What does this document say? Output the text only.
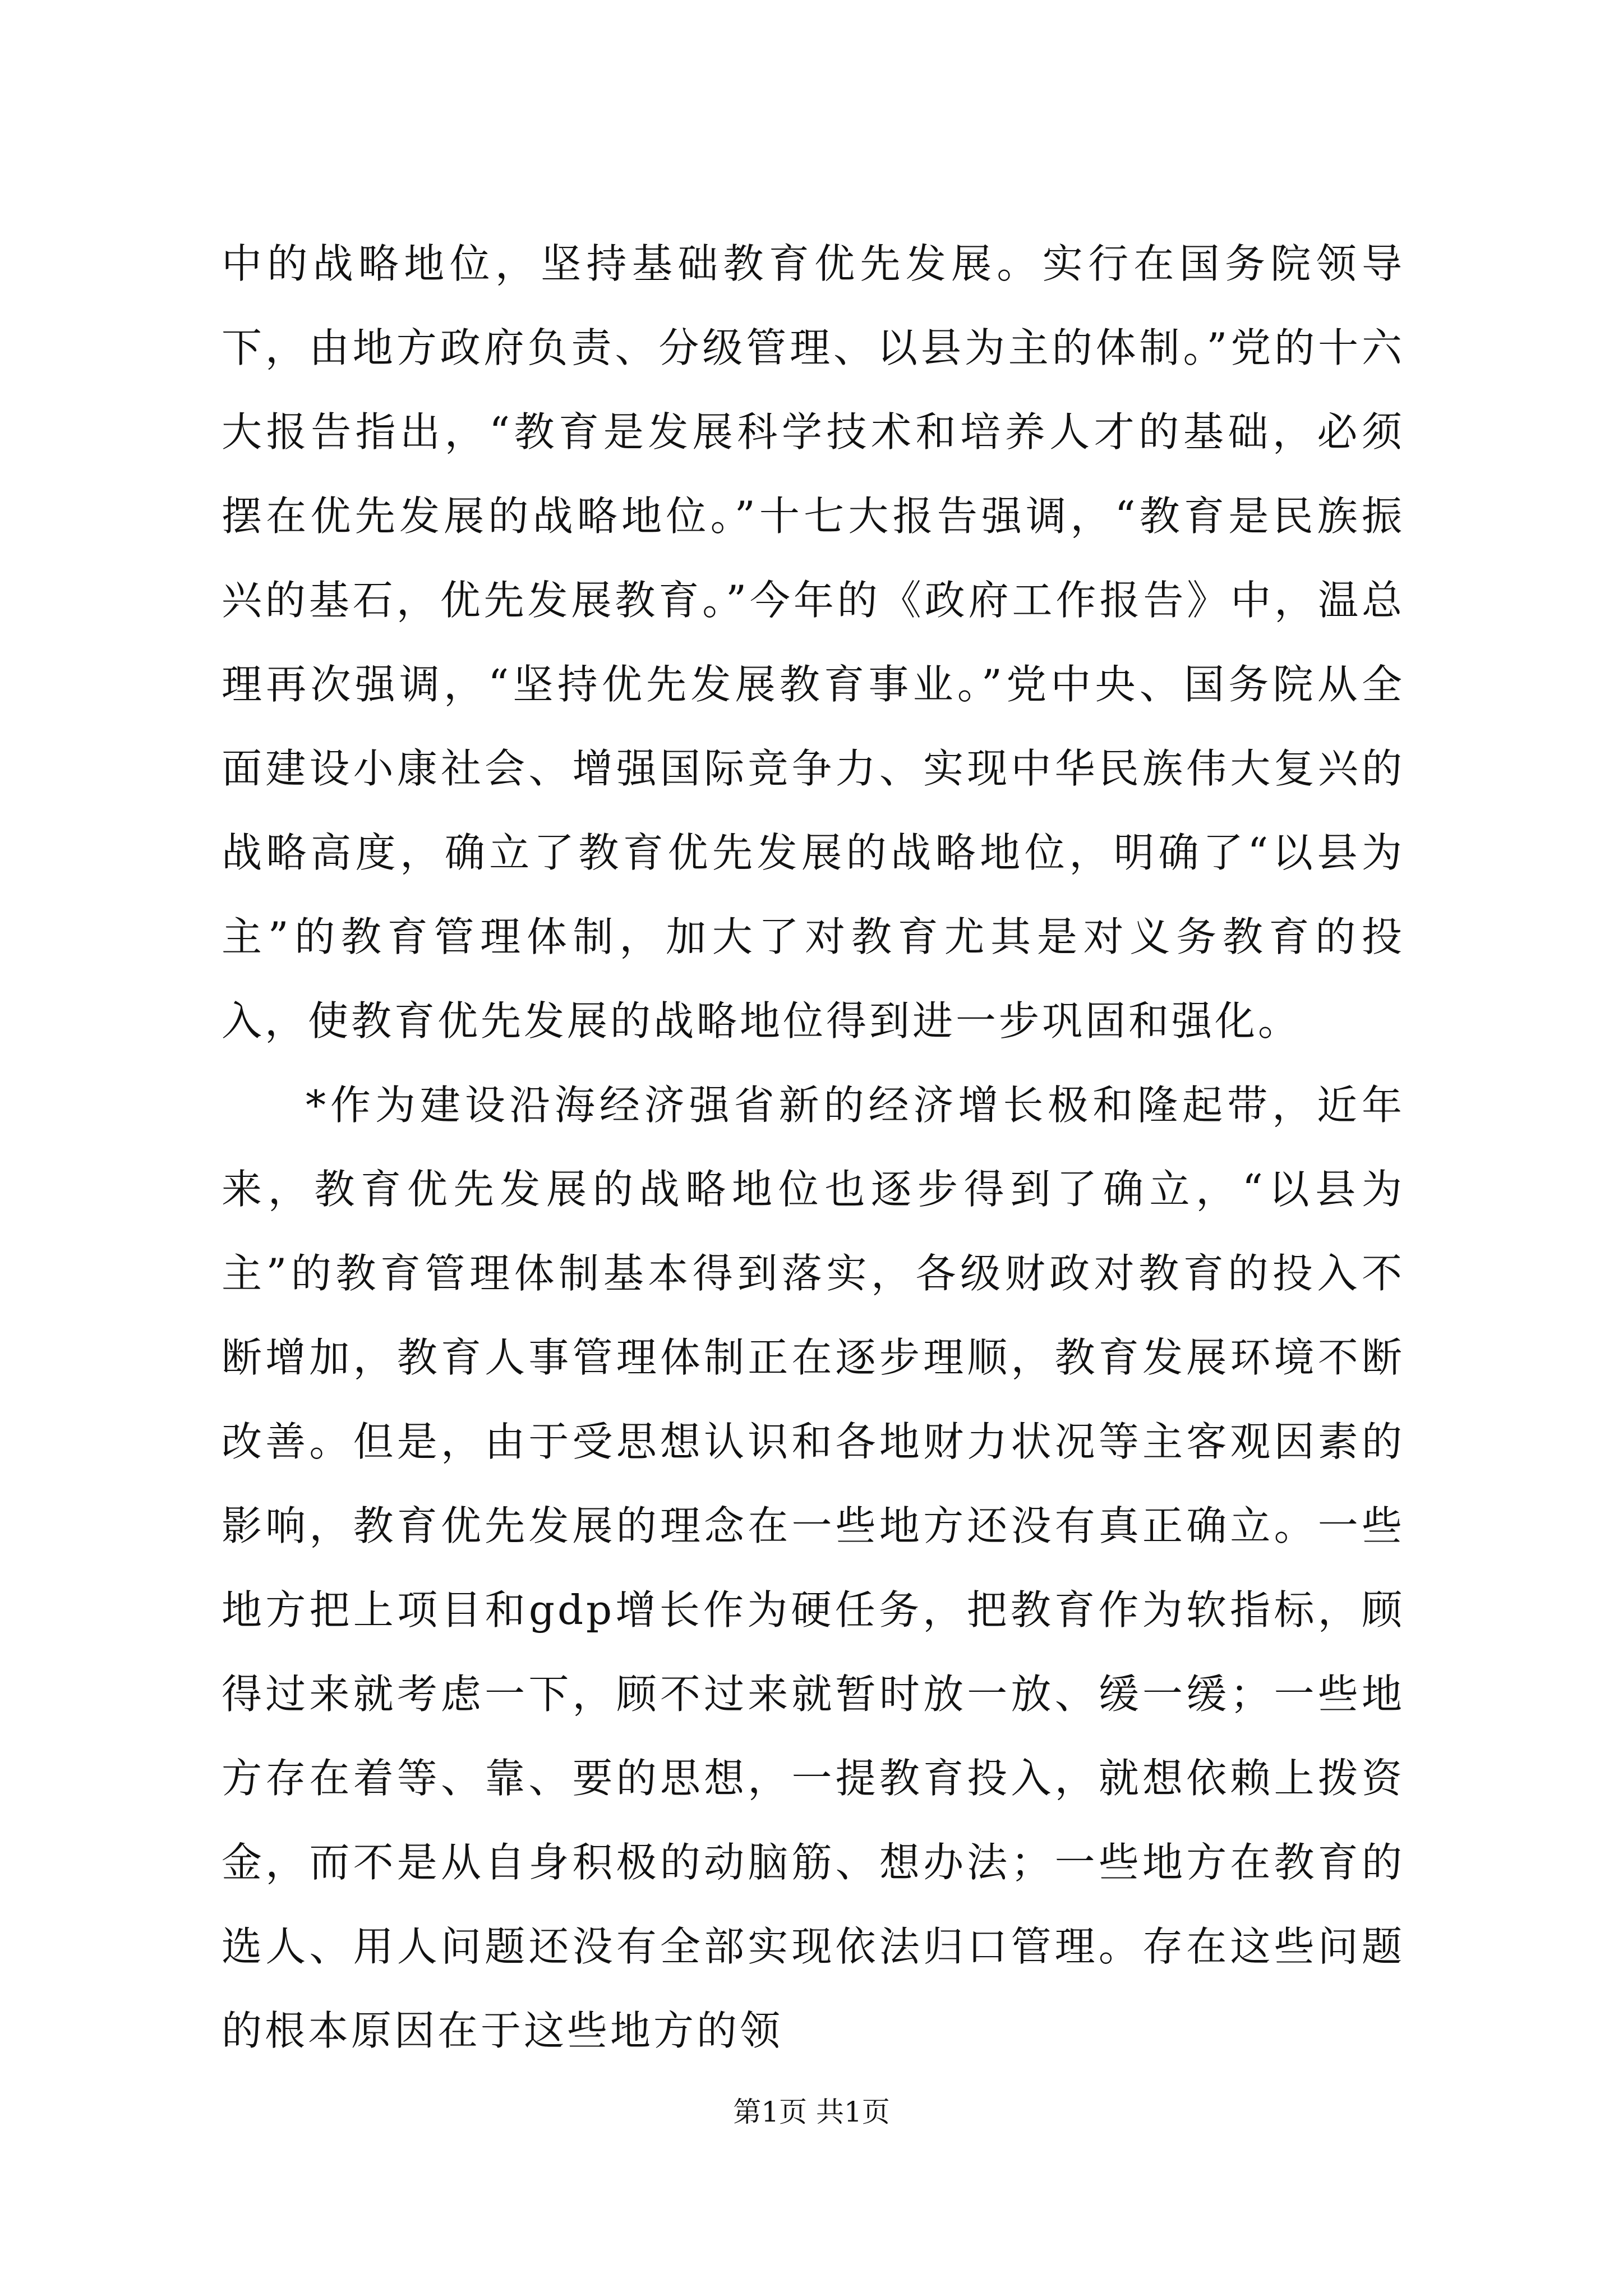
中的战略地位，坚持基础教育优先发展。实行在国务院领导下，由地方政府负责、分级管理、以县为主的体制。”党的十六大报告指出，“教育是发展科学技术和培养人才的基础，必须摆在优先发展的战略地位。”十七大报告强调，“教育是民族振兴的基石，优先发展教育。”今年的《政府工作报告》中，温总理再次强调，“坚持优先发展教育事业。”党中央、国务院从全面建设小康社会、增强国际竞争力、实现中华民族伟大复兴的战略高度，确立了教育优先发展的战略地位，明确了“以县为主”的教育管理体制，加大了对教育尤其是对义务教育的投入，使教育优先发展的战略地位得到进一步巩固和强化。

*作为建设沿海经济强省新的经济增长极和隆起带，近年来，教育优先发展的战略地位也逐步得到了确立，“以县为主”的教育管理体制基本得到落实，各级财政对教育的投入不断增加，教育人事管理体制正在逐步理顺，教育发展环境不断改善。但是，由于受思想认识和各地财力状况等主客观因素的影响，教育优先发展的理念在一些地方还没有真正确立。一些地方把上项目和gdp增长作为硬任务，把教育作为软指标，顾得过来就考虑一下，顾不过来就暂时放一放、缓一缓；一些地方存在着等、靠、要的思想，一提教育投入，就想依赖上拨资金，而不是从自身积极的动脑筋、想办法；一些地方在教育的选人、用人问题还没有全部实现依法归口管理。存在这些问题的根本原因在于这些地方的领

第1页 共1页
